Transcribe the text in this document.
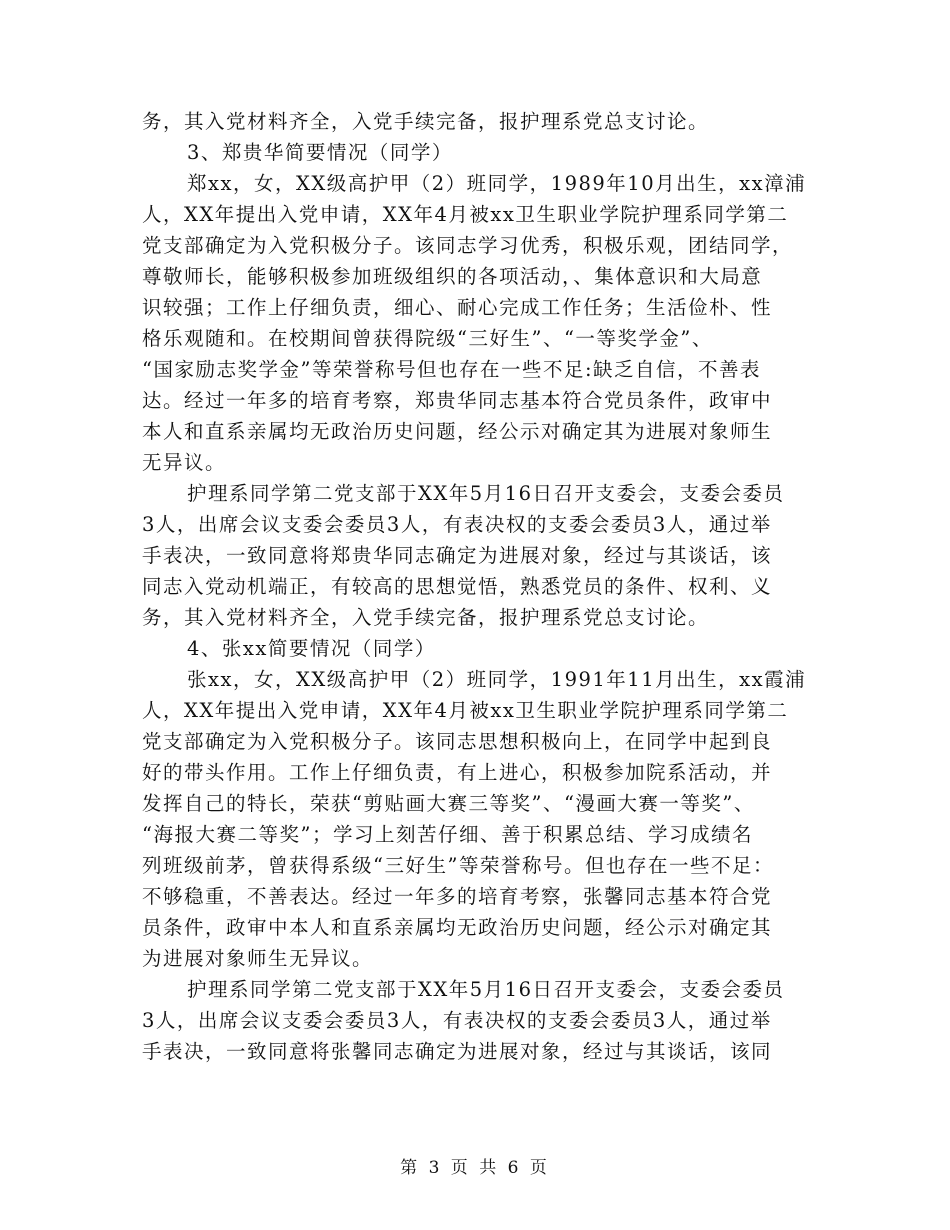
务，其入党材料齐全，入党手续完备，报护理系党总支讨论。
3、郑贵华简要情况（同学）
郑xx，女，XX级高护甲（2）班同学，1989年10月出生，xx漳浦
人，XX年提出入党申请，XX年4月被xx卫生职业学院护理系同学第二
党支部确定为入党积极分子。该同志学习优秀，积极乐观，团结同学，
尊敬师长，能够积极参加班级组织的各项活动，、集体意识和大局意
识较强；工作上仔细负责，细心、耐心完成工作任务；生活俭朴、性
格乐观随和。在校期间曾获得院级“三好生”、“一等奖学金”、
“国家励志奖学金”等荣誉称号但也存在一些不足:缺乏自信，不善表
达。经过一年多的培育考察，郑贵华同志基本符合党员条件，政审中
本人和直系亲属均无政治历史问题，经公示对确定其为进展对象师生
无异议。
护理系同学第二党支部于XX年5月16日召开支委会，支委会委员
3人，出席会议支委会委员3人，有表决权的支委会委员3人，通过举
手表决，一致同意将郑贵华同志确定为进展对象，经过与其谈话，该
同志入党动机端正，有较高的思想觉悟，熟悉党员的条件、权利、义
务，其入党材料齐全，入党手续完备，报护理系党总支讨论。
4、张xx简要情况（同学）
张xx，女，XX级高护甲（2）班同学，1991年11月出生，xx霞浦
人，XX年提出入党申请，XX年4月被xx卫生职业学院护理系同学第二
党支部确定为入党积极分子。该同志思想积极向上，在同学中起到良
好的带头作用。工作上仔细负责，有上进心，积极参加院系活动，并
发挥自己的特长，荣获“剪贴画大赛三等奖”、“漫画大赛一等奖”、
“海报大赛二等奖”；学习上刻苦仔细、善于积累总结、学习成绩名
列班级前茅，曾获得系级“三好生”等荣誉称号。但也存在一些不足：
不够稳重，不善表达。经过一年多的培育考察，张馨同志基本符合党
员条件，政审中本人和直系亲属均无政治历史问题，经公示对确定其
为进展对象师生无异议。
护理系同学第二党支部于XX年5月16日召开支委会，支委会委员
3人，出席会议支委会委员3人，有表决权的支委会委员3人，通过举
手表决，一致同意将张馨同志确定为进展对象，经过与其谈话，该同
第 3 页 共 6 页
